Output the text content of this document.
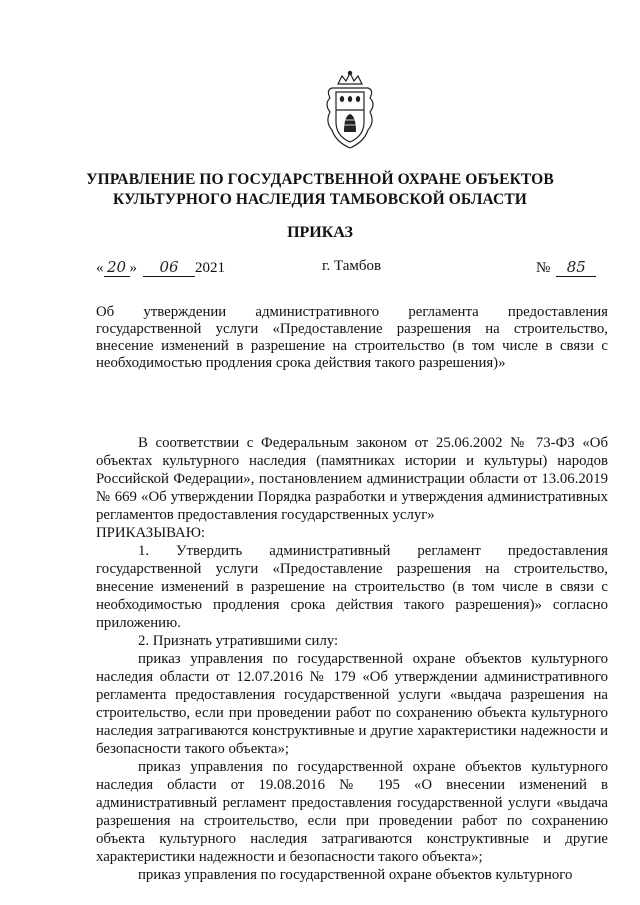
УПРАВЛЕНИЕ ПО ГОСУДАРСТВЕННОЙ ОХРАНЕ ОБЪЕКТОВ
КУЛЬТУРНОГО НАСЛЕДИЯ ТАМБОВСКОЙ ОБЛАСТИ
ПРИКАЗ
« 20 » 06 2021	г. Тамбов	№ 85
Об утверждении административного регламента предоставления государственной услуги «Предоставление разрешения на строительство, внесение изменений в разрешение на строительство (в том числе в связи с необходимостью продления срока действия такого разрешения)»

В соответствии с Федеральным законом от 25.06.2002 № 73-ФЗ «Об объектах культурного наследия (памятниках истории и культуры) народов Российской Федерации», постановлением администрации области от 13.06.2019 № 669 «Об утверждении Порядка разработки и утверждения административных регламентов предоставления государственных услуг»

ПРИКАЗЫВАЮ:

1. Утвердить административный регламент предоставления государственной услуги «Предоставление разрешения на строительство, внесение изменений в разрешение на строительство (в том числе в связи с необходимостью продления срока действия такого разрешения)» согласно приложению.

2. Признать утратившими силу:

приказ управления по государственной охране объектов культурного наследия области от 12.07.2016 № 179 «Об утверждении административного регламента предоставления государственной услуги «выдача разрешения на строительство, если при проведении работ по сохранению объекта культурного наследия затрагиваются конструктивные и другие характеристики надежности и безопасности такого объекта»;

приказ управления по государственной охране объектов культурного наследия области от 19.08.2016 № 195 «О внесении изменений в административный регламент предоставления государственной услуги «выдача разрешения на строительство, если при проведении работ по сохранению объекта культурного наследия затрагиваются конструктивные и другие характеристики надежности и безопасности такого объекта»;

приказ управления по государственной охране объектов культурного
